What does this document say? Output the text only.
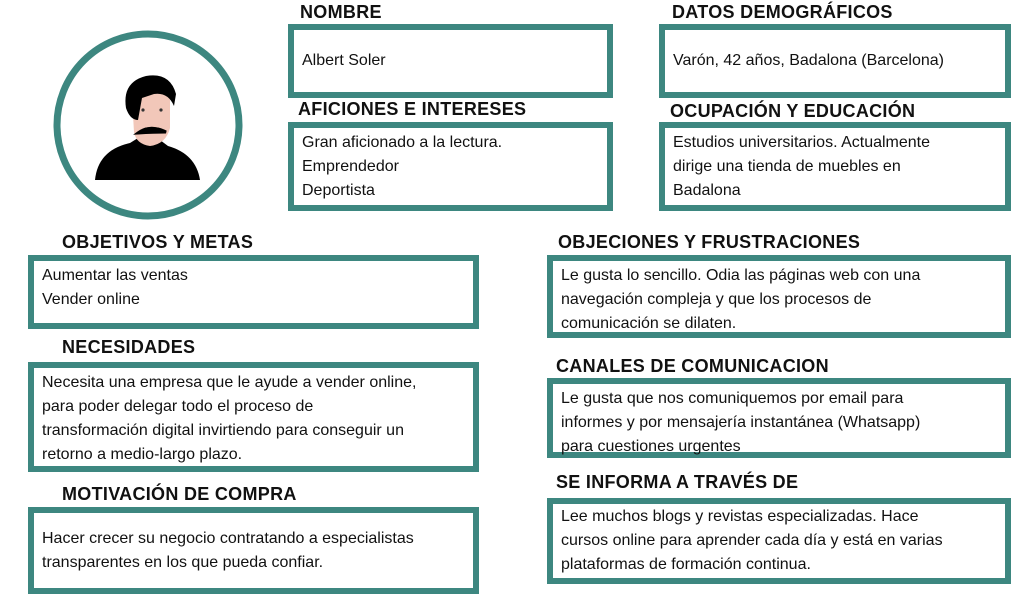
NOMBRE

Albert Soler

AFICIONES E INTERESES

Gran aficionado a la lectura.
Emprendedor
Deportista

DATOS DEMOGRÁFICOS

Varón, 42 años, Badalona (Barcelona)

OCUPACIÓN Y EDUCACIÓN

Estudios universitarios. Actualmente
dirige una tienda de muebles en
Badalona

OBJETIVOS Y METAS

Aumentar las ventas
Vender online

NECESIDADES

Necesita una empresa que le ayude a vender online,
para poder delegar todo el proceso de
transformación digital invirtiendo para conseguir un
retorno a medio-largo plazo.

MOTIVACIÓN DE COMPRA

Hacer crecer su negocio contratando a especialistas
transparentes en los que pueda confiar.

OBJECIONES Y FRUSTRACIONES

Le gusta lo sencillo. Odia las páginas web con una
navegación compleja y que los procesos de
comunicación se dilaten.

CANALES DE COMUNICACION

Le gusta que nos comuniquemos por email para
informes y por mensajería instantánea (Whatsapp)
para cuestiones urgentes

SE INFORMA A TRAVÉS DE

Lee muchos blogs y revistas especializadas. Hace
cursos online para aprender cada día y está en varias
plataformas de formación continua.
